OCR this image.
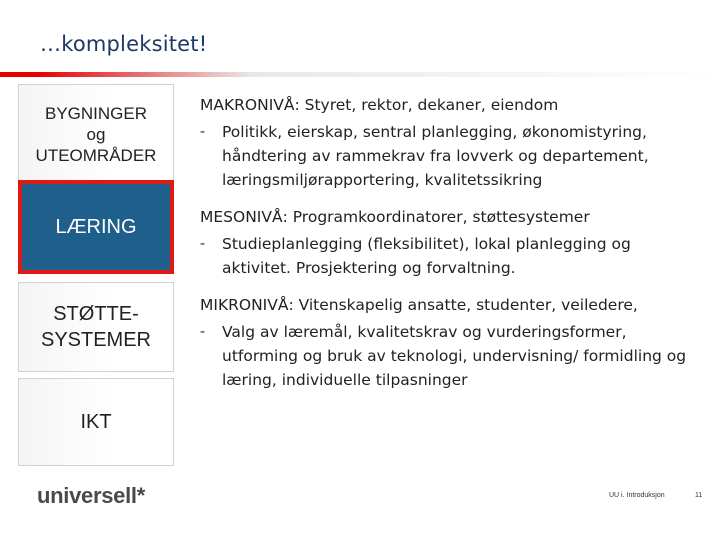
…kompleksitet!
BYGNINGER
og
UTEOMRÅDER
LÆRING
STØTTE-
SYSTEMER
IKT
MAKRONIVÅ: Styret, rektor, dekaner, eiendom
-	Politikk, eierskap, sentral planlegging, økonomistyring, håndtering av rammekrav fra lovverk og departement, læringsmiljørapportering, kvalitetssikring
MESONIVÅ: Programkoordinatorer, støttesystemer
-	Studieplanlegging (fleksibilitet), lokal planlegging og aktivitet. Prosjektering og forvaltning.
MIKRONIVÅ: Vitenskapelig ansatte, studenter, veiledere,
-	Valg av læremål, kvalitetskrav og vurderingsformer, utforming og bruk av teknologi, undervisning/ formidling og læring, individuelle tilpasninger
universell*	UU i. Introduksjon	11
